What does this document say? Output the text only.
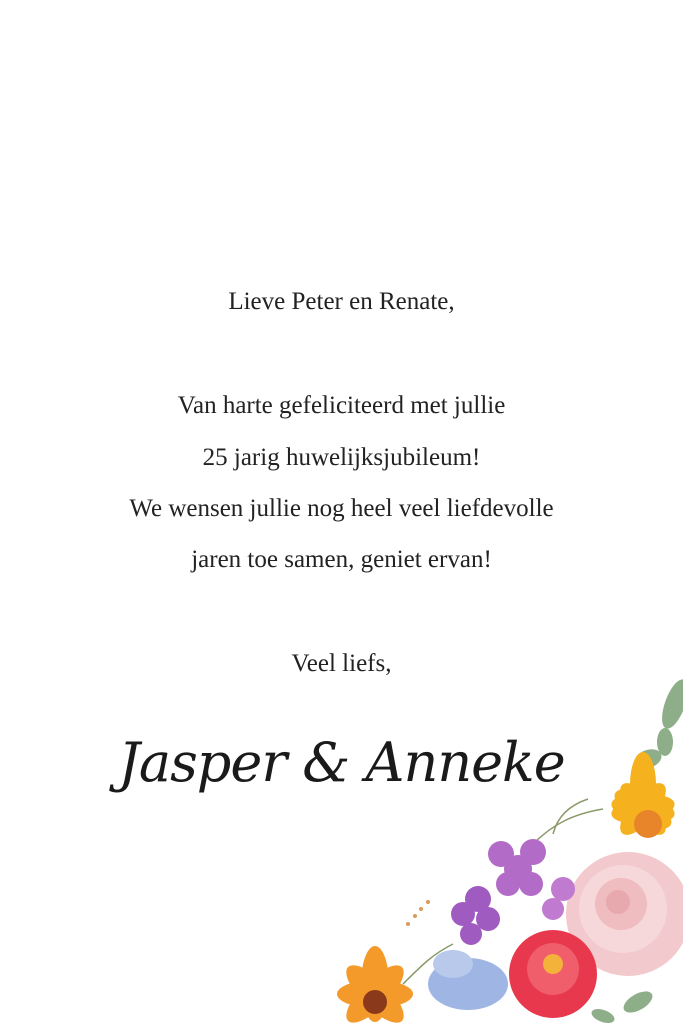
Lieve Peter en Renate,
Van harte gefeliciteerd met jullie
25 jarig huwelijksjubileum!
We wensen jullie nog heel veel liefdevolle
jaren toe samen, geniet ervan!
Veel liefs,
Jasper & Anneke
